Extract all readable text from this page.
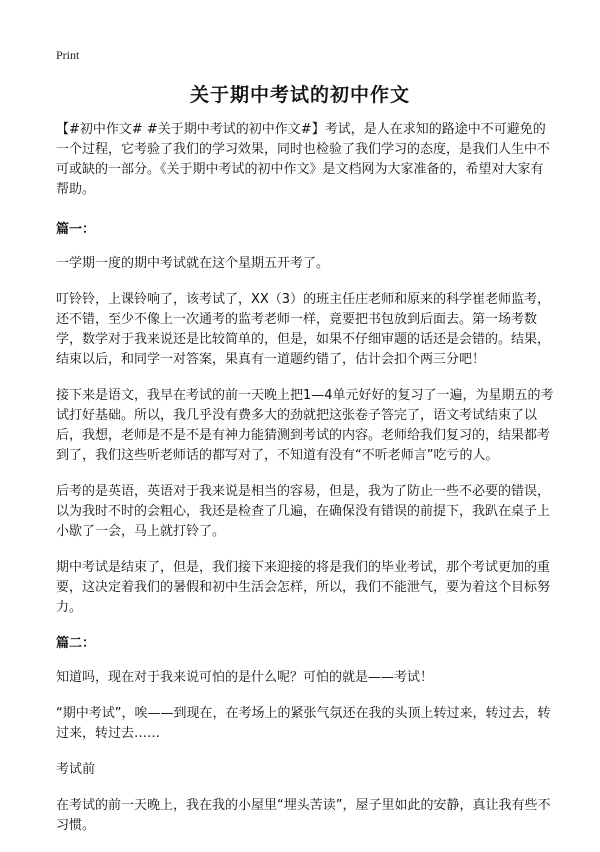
Print
关于期中考试的初中作文

【#初中作文# #关于期中考试的初中作文#】考试，是人在求知的路途中不可避免的一个过程，它考验了我们的学习效果，同时也检验了我们学习的态度，是我们人生中不可或缺的一部分。《关于期中考试的初中作文》是文档网为大家准备的，希望对大家有帮助。

篇一：

一学期一度的期中考试就在这个星期五开考了。

叮铃铃，上课铃响了，该考试了，XX（3）的班主任庄老师和原来的科学崔老师监考，还不错，至少不像上一次通考的监考老师一样，竟要把书包放到后面去。第一场考数学，数学对于我来说还是比较简单的，但是，如果不仔细审题的话还是会错的。结果，结束以后，和同学一对答案，果真有一道题约错了，估计会扣个两三分吧！

接下来是语文，我早在考试的前一天晚上把1—4单元好好的复习了一遍，为星期五的考试打好基础。所以，我几乎没有费多大的劲就把这张卷子答完了，语文考试结束了以后，我想，老师是不是不是有神力能猜测到考试的内容。老师给我们复习的，结果都考到了，我们这些听老师话的都写对了，不知道有没有“不听老师言”吃亏的人。

后考的是英语，英语对于我来说是相当的容易，但是，我为了防止一些不必要的错误，以为我时不时的会粗心，我还是检查了几遍，在确保没有错误的前提下，我趴在桌子上小歇了一会，马上就打铃了。

期中考试是结束了，但是，我们接下来迎接的将是我们的毕业考试，那个考试更加的重要，这决定着我们的暑假和初中生活会怎样，所以，我们不能泄气，要为着这个目标努力。

篇二：

知道吗，现在对于我来说可怕的是什么呢？可怕的就是——考试！

“期中考试”，唉——到现在，在考场上的紧张气氛还在我的头顶上转过来，转过去，转过来，转过去……

考试前

在考试的前一天晚上，我在我的小屋里“埋头苦读”，屋子里如此的安静，真让我有些不习惯。
